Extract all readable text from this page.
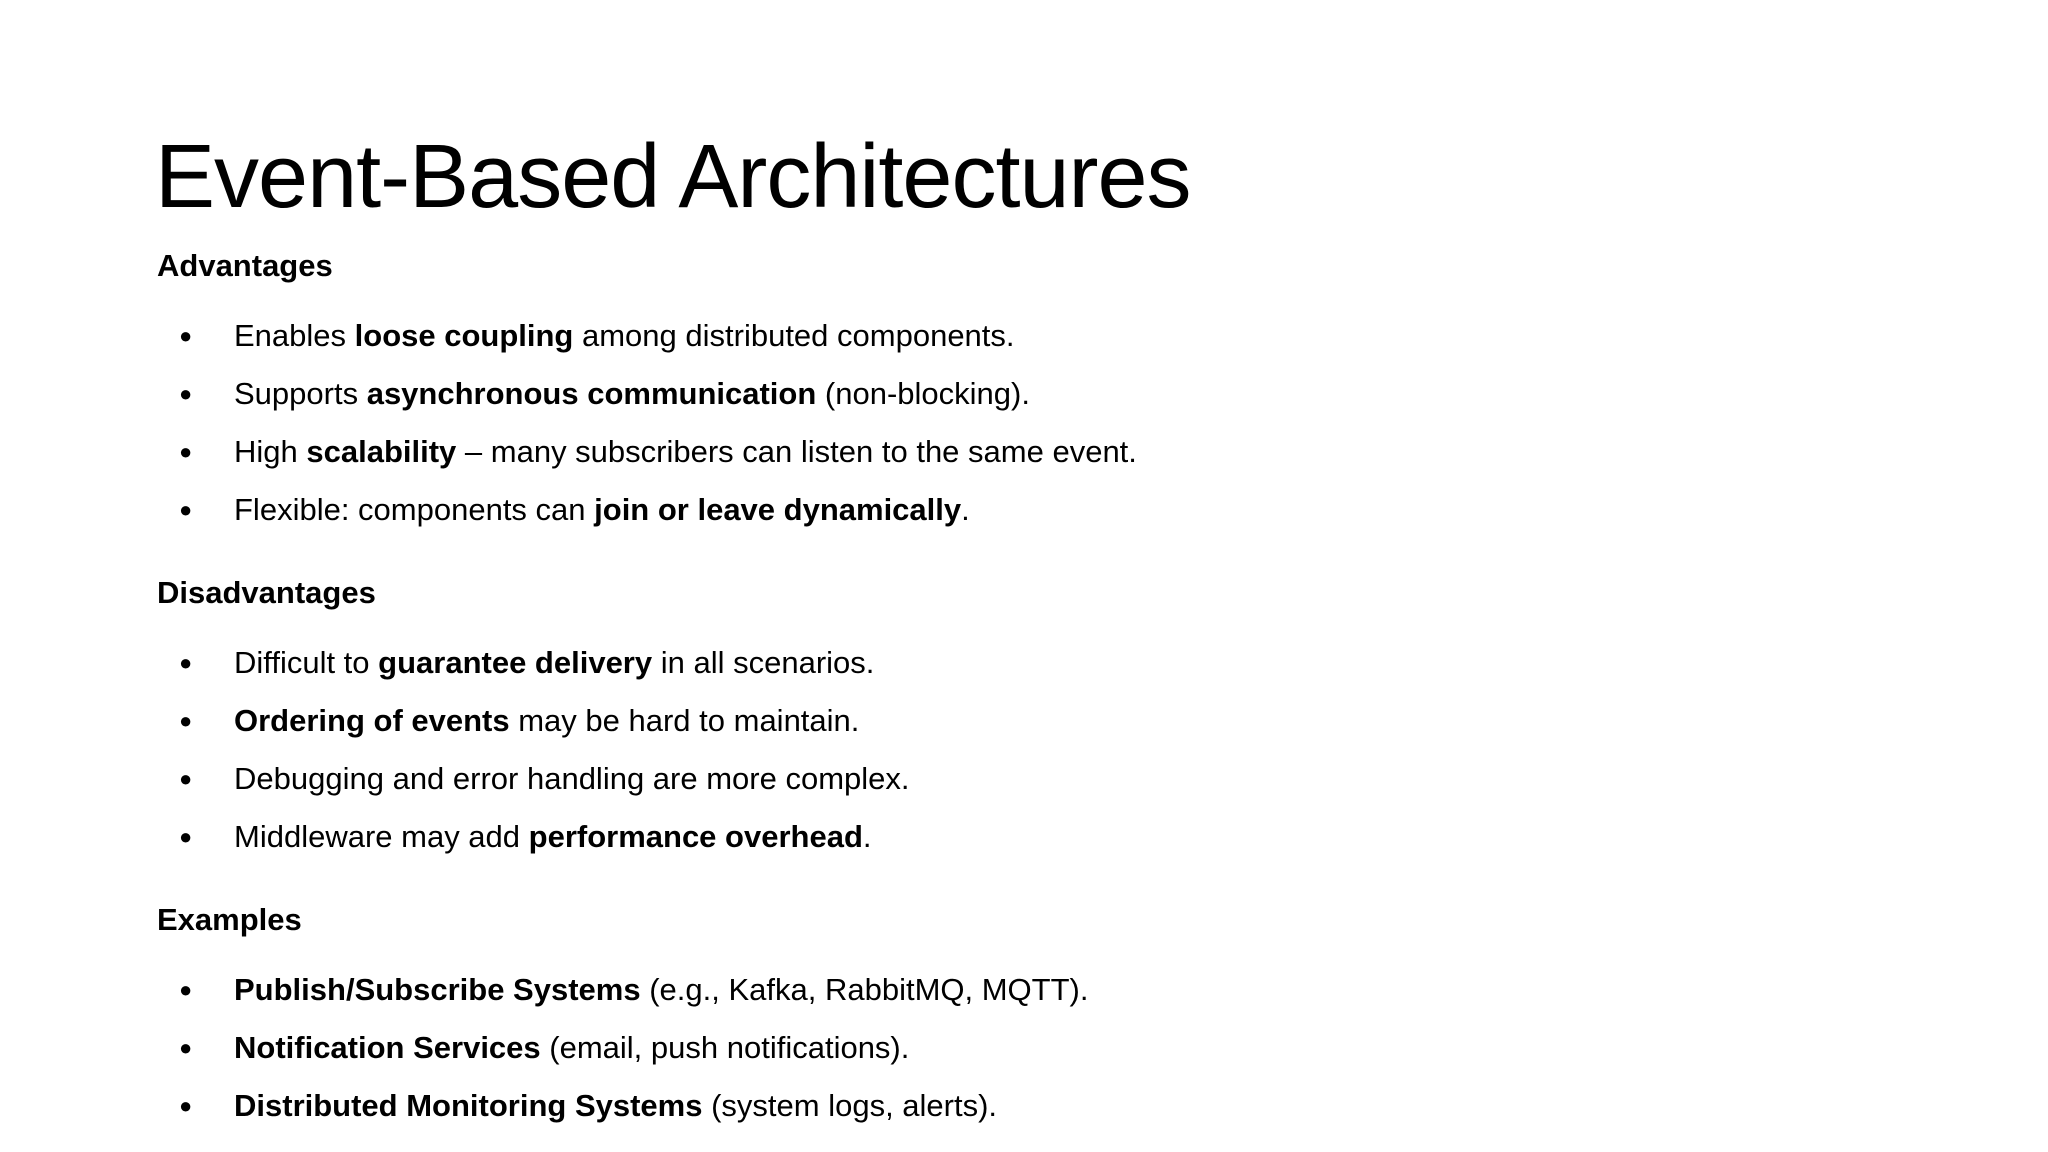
Event-Based Architectures
Advantages
● Enables loose coupling among distributed components.
● Supports asynchronous communication (non-blocking).
● High scalability – many subscribers can listen to the same event.
● Flexible: components can join or leave dynamically.
Disadvantages
● Difficult to guarantee delivery in all scenarios.
● Ordering of events may be hard to maintain.
● Debugging and error handling are more complex.
● Middleware may add performance overhead.
Examples
● Publish/Subscribe Systems (e.g., Kafka, RabbitMQ, MQTT).
● Notification Services (email, push notifications).
● Distributed Monitoring Systems (system logs, alerts).
